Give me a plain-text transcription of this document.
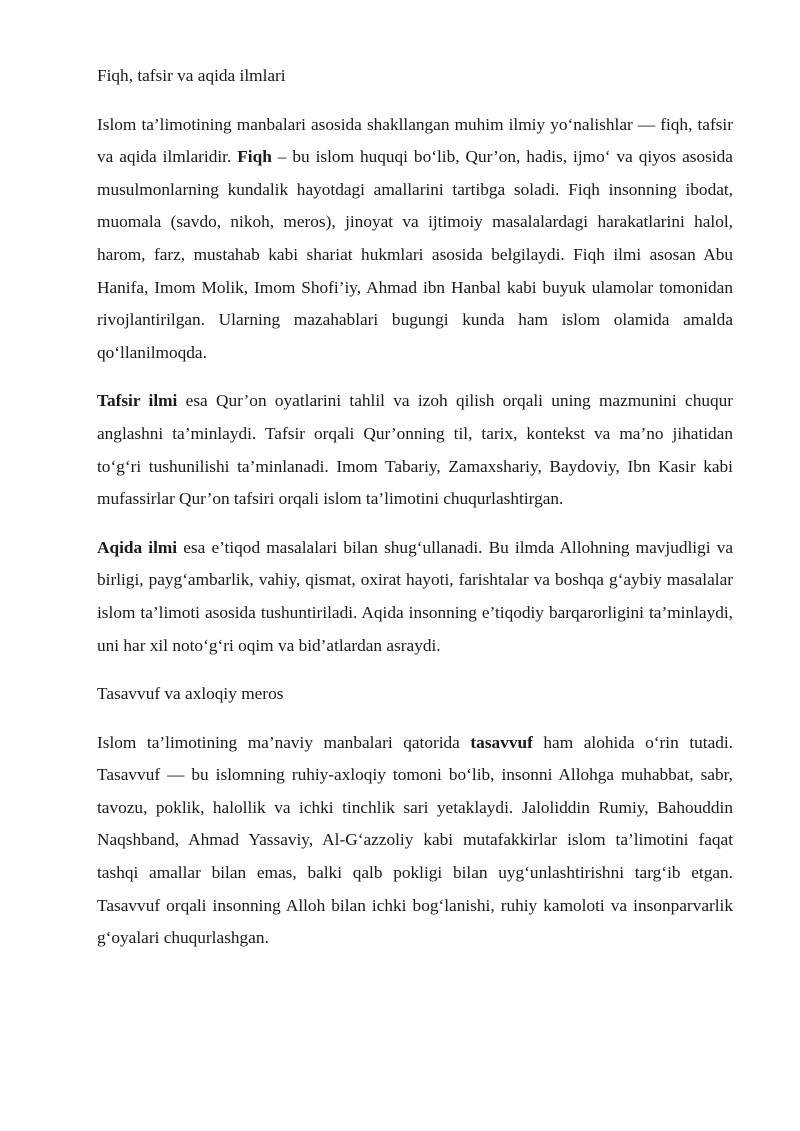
Fiqh, tafsir va aqida ilmlari

Islom ta’limotining manbalari asosida shakllangan muhim ilmiy yo‘nalishlar — fiqh, tafsir va aqida ilmlaridir. Fiqh – bu islom huquqi bo‘lib, Qur’on, hadis, ijmo‘ va qiyos asosida musulmonlarning kundalik hayotdagi amallarini tartibga soladi. Fiqh insonning ibodat, muomala (savdo, nikoh, meros), jinoyat va ijtimoiy masalalardagi harakatlarini halol, harom, farz, mustahab kabi shariat hukmlari asosida belgilaydi. Fiqh ilmi asosan Abu Hanifa, Imom Molik, Imom Shofi’iy, Ahmad ibn Hanbal kabi buyuk ulamolar tomonidan rivojlantirilgan. Ularning mazahablari bugungi kunda ham islom olamida amalda qo‘llanilmoqda.

Tafsir ilmi esa Qur’on oyatlarini tahlil va izoh qilish orqali uning mazmunini chuqur anglashni ta’minlaydi. Tafsir orqali Qur’onning til, tarix, kontekst va ma’no jihatidan to‘g‘ri tushunilishi ta’minlanadi. Imom Tabariy, Zamaxshariy, Baydoviy, Ibn Kasir kabi mufassirlar Qur’on tafsiri orqali islom ta’limotini chuqurlashtirgan.

Aqida ilmi esa e’tiqod masalalari bilan shug‘ullanadi. Bu ilmda Allohning mavjudligi va birligi, payg‘ambarlik, vahiy, qismat, oxirat hayoti, farishtalar va boshqa g‘aybiy masalalar islom ta’limoti asosida tushuntiriladi. Aqida insonning e’tiqodiy barqarorligini ta’minlaydi, uni har xil noto‘g‘ri oqim va bid’atlardan asraydi.

Tasavvuf va axloqiy meros

Islom ta’limotining ma’naviy manbalari qatorida tasavvuf ham alohida o‘rin tutadi. Tasavvuf — bu islomning ruhiy-axloqiy tomoni bo‘lib, insonni Allohga muhabbat, sabr, tavozu, poklik, halollik va ichki tinchlik sari yetaklaydi. Jaloliddin Rumiy, Bahouddin Naqshband, Ahmad Yassaviy, Al-G‘azzoliy kabi mutafakkirlar islom ta’limotini faqat tashqi amallar bilan emas, balki qalb pokligi bilan uyg‘unlashtirishni targ‘ib etgan. Tasavvuf orqali insonning Alloh bilan ichki bog‘lanishi, ruhiy kamoloti va insonparvarlik g‘oyalari chuqurlashgan.
